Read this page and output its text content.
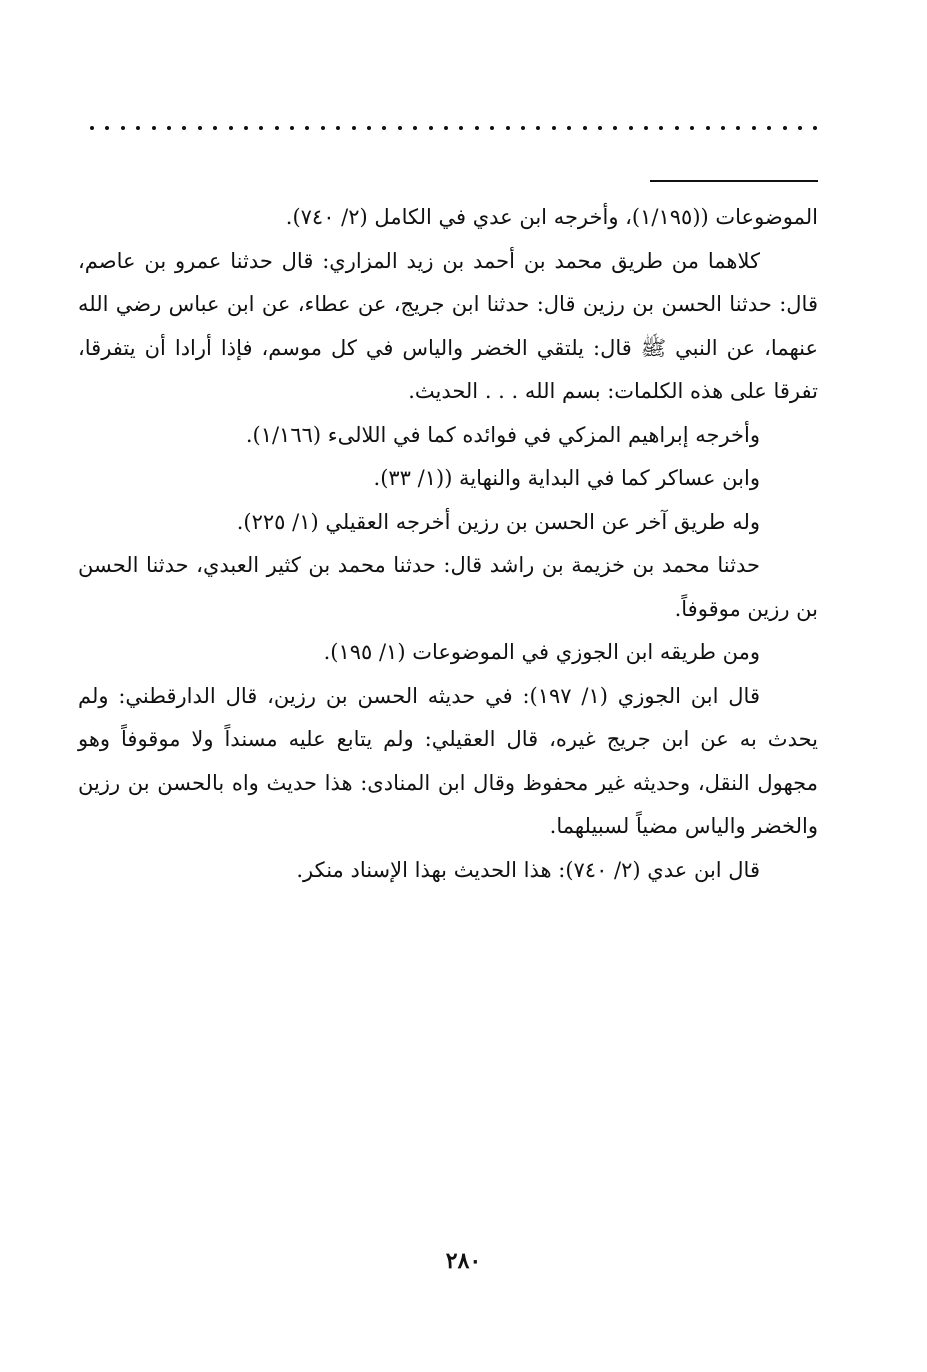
الموضوعات ((١/١٩٥)، وأخرجه ابن عدي في الكامل (٢/ ٧٤٠).

كلاهما من طريق محمد بن أحمد بن زيد المزاري: قال حدثنا عمرو بن عاصم، قال: حدثنا الحسن بن رزين قال: حدثنا ابن جريج، عن عطاء، عن ابن عباس رضي الله عنهما، عن النبي ﷺ قال: يلتقي الخضر والياس في كل موسم، فإذا أرادا أن يتفرقا، تفرقا على هذه الكلمات: بسم الله . . . الحديث.

وأخرجه إبراهيم المزكي في فوائده كما في اللالىء (١/١٦٦).

وابن عساكر كما في البداية والنهاية ((١/ ٣٣).

وله طريق آخر عن الحسن بن رزين أخرجه العقيلي (١/ ٢٢٥).

حدثنا محمد بن خزيمة بن راشد قال: حدثنا محمد بن كثير العبدي، حدثنا الحسن بن رزين موقوفاً.

ومن طريقه ابن الجوزي في الموضوعات (١/ ١٩٥).

قال ابن الجوزي (١/ ١٩٧): في حديثه الحسن بن رزين، قال الدارقطني: ولم يحدث به عن ابن جريج غيره، قال العقيلي: ولم يتابع عليه مسنداً ولا موقوفاً وهو مجهول النقل، وحديثه غير محفوظ وقال ابن المنادى: هذا حديث واه بالحسن بن رزين والخضر والياس مضياً لسبيلهما.

قال ابن عدي (٢/ ٧٤٠): هذا الحديث بهذا الإسناد منكر.

٢٨٠
